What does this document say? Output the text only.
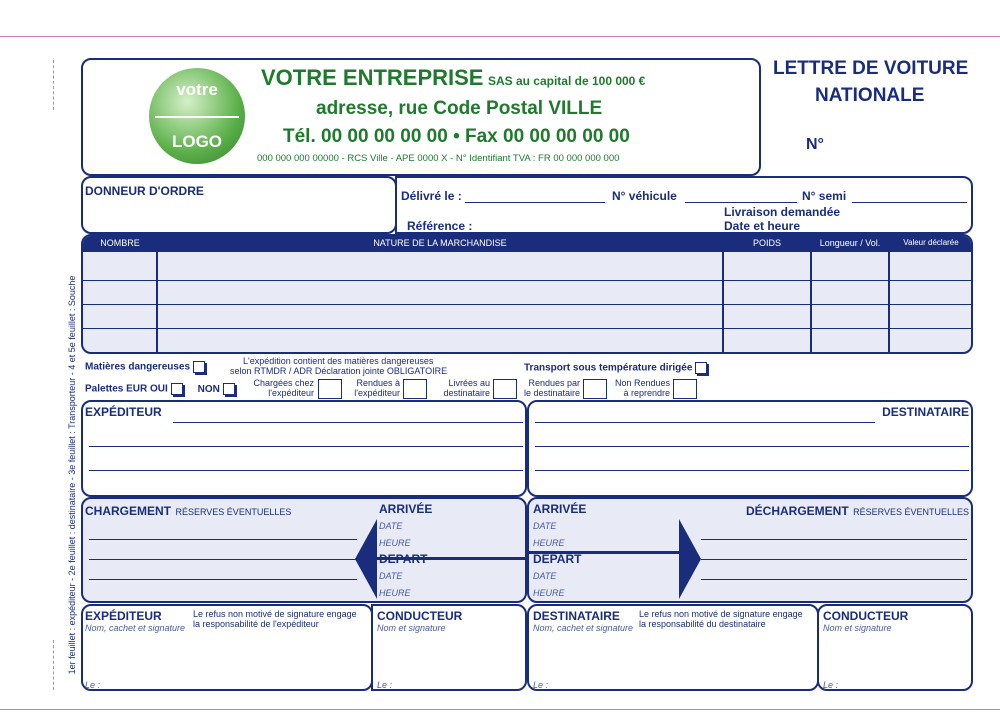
1er feuillet : expéditeur - 2e feuillet : destinataire - 3e feuillet : Transporteur - 4 et 5e feuillet : Souche
votre
LOGO
VOTRE ENTREPRISE SAS au capital de 100 000 €
adresse, rue Code Postal VILLE
Tél. 00 00 00 00 00 • Fax 00 00 00 00 00
000 000 000 00000 - RCS Ville - APE 0000 X - N° Identifiant TVA : FR 00 000 000 000
LETTRE DE VOITURE
NATIONALE
N°
DONNEUR D'ORDRE	Délivré le :	N° véhicule	N° semi
Livraison demandée
Référence :	Date et heure
NOMBRE	NATURE DE LA MARCHANDISE	POIDS	Longueur / Vol.	Valeur déclarée
Matières dangereuses
L'expédition contient des matières dangereuses
selon RTMDR / ADR Déclaration jointe OBLIGATOIRE	Transport sous température dirigée
Palettes EUR OUI	NON
Chargées chez
l'expéditeur
Rendues à
l'expéditeur
Livrées au
destinataire
Rendues par
le destinataire
Non Rendues
à reprendre
EXPÉDITEUR	DESTINATAIRE
CHARGEMENT RÉSERVES ÉVENTUELLES	ARRIVÉE
DATE
HEURE
DEPART
DATE
HEURE
ARRIVÉE
DATE
HEURE
DEPART
DATE
HEURE
DÉCHARGEMENT RÉSERVES ÉVENTUELLES
EXPÉDITEUR
Nom, cachet et signature
Le refus non motivé de signature engage
la responsabilité de l'expéditeur
Le :
CONDUCTEUR
Nom et signature
Le :
DESTINATAIRE
Nom, cachet et signature
Le refus non motivé de signature engage
la responsabilité du destinataire
Le :
CONDUCTEUR
Nom et signature
Le :
